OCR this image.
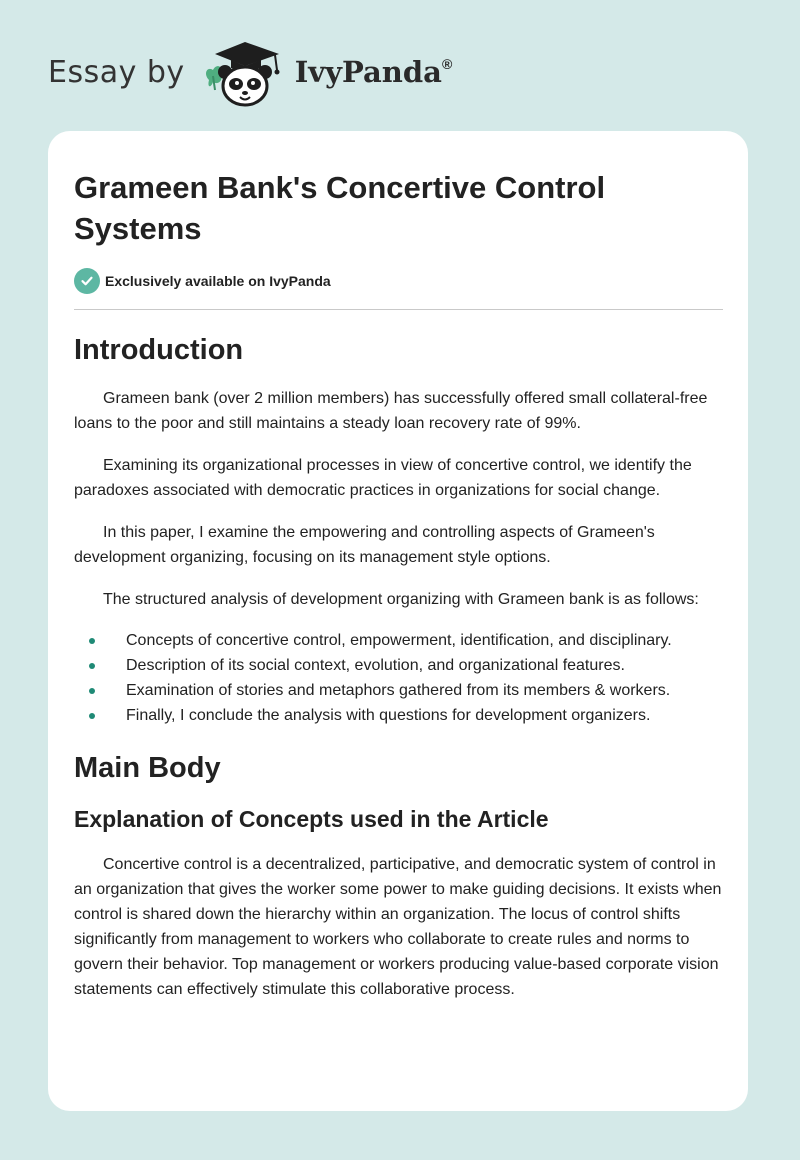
Essay by	IvyPanda®
Grameen Bank's Concertive Control Systems
Exclusively available on IvyPanda
Introduction

Grameen bank (over 2 million members) has successfully offered small collateral-free loans to the poor and still maintains a steady loan recovery rate of 99%.

Examining its organizational processes in view of concertive control, we identify the paradoxes associated with democratic practices in organizations for social change.

In this paper, I examine the empowering and controlling aspects of Grameen's development organizing, focusing on its management style options.

The structured analysis of development organizing with Grameen bank is as follows:

Concepts of concertive control, empowerment, identification, and disciplinary.
Description of its social context, evolution, and organizational features.
Examination of stories and metaphors gathered from its members & workers.
Finally, I conclude the analysis with questions for development organizers.
Main Body
Explanation of Concepts used in the Article

Concertive control is a decentralized, participative, and democratic system of control in an organization that gives the worker some power to make guiding decisions. It exists when control is shared down the hierarchy within an organization. The locus of control shifts significantly from management to workers who collaborate to create rules and norms to govern their behavior. Top management or workers producing value-based corporate vision statements can effectively stimulate this collaborative process.
